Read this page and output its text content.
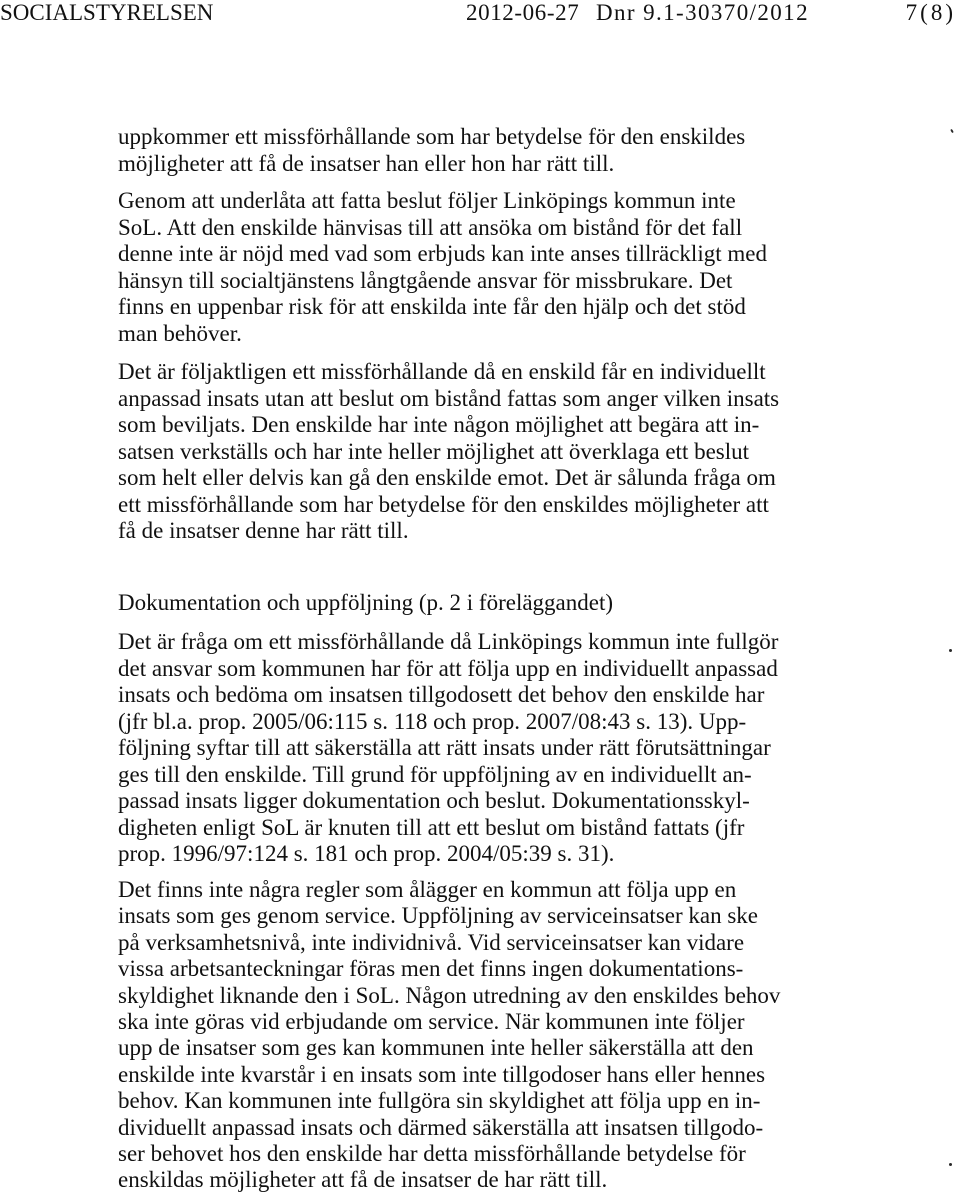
SOCIALSTYRELSEN	2012-06-27 Dnr 9.1-30370/2012	7(8)
uppkommer ett missförhållande som har betydelse för den enskildes
möjligheter att få de insatser han eller hon har rätt till.
Genom att underlåta att fatta beslut följer Linköpings kommun inte
SoL. Att den enskilde hänvisas till att ansöka om bistånd för det fall
denne inte är nöjd med vad som erbjuds kan inte anses tillräckligt med
hänsyn till socialtjänstens långtgående ansvar för missbrukare. Det
finns en uppenbar risk för att enskilda inte får den hjälp och det stöd
man behöver.
Det är följaktligen ett missförhållande då en enskild får en individuellt
anpassad insats utan att beslut om bistånd fattas som anger vilken insats
som beviljats. Den enskilde har inte någon möjlighet att begära att in-
satsen verkställs och har inte heller möjlighet att överklaga ett beslut
som helt eller delvis kan gå den enskilde emot. Det är sålunda fråga om
ett missförhållande som har betydelse för den enskildes möjligheter att
få de insatser denne har rätt till.
Dokumentation och uppföljning (p. 2 i föreläggandet)
Det är fråga om ett missförhållande då Linköpings kommun inte fullgör
det ansvar som kommunen har för att följa upp en individuellt anpassad
insats och bedöma om insatsen tillgodosett det behov den enskilde har
(jfr bl.a. prop. 2005/06:115 s. 118 och prop. 2007/08:43 s. 13). Upp-
följning syftar till att säkerställa att rätt insats under rätt förutsättningar
ges till den enskilde. Till grund för uppföljning av en individuellt an-
passad insats ligger dokumentation och beslut. Dokumentationsskyl-
digheten enligt SoL är knuten till att ett beslut om bistånd fattats (jfr
prop. 1996/97:124 s. 181 och prop. 2004/05:39 s. 31).
Det finns inte några regler som ålägger en kommun att följa upp en
insats som ges genom service. Uppföljning av serviceinsatser kan ske
på verksamhetsnivå, inte individnivå. Vid serviceinsatser kan vidare
vissa arbetsanteckningar föras men det finns ingen dokumentations-
skyldighet liknande den i SoL. Någon utredning av den enskildes behov
ska inte göras vid erbjudande om service. När kommunen inte följer
upp de insatser som ges kan kommunen inte heller säkerställa att den
enskilde inte kvarstår i en insats som inte tillgodoser hans eller hennes
behov. Kan kommunen inte fullgöra sin skyldighet att följa upp en in-
dividuellt anpassad insats och därmed säkerställa att insatsen tillgodo-
ser behovet hos den enskilde har detta missförhållande betydelse för
enskildas möjligheter att få de insatser de har rätt till.
